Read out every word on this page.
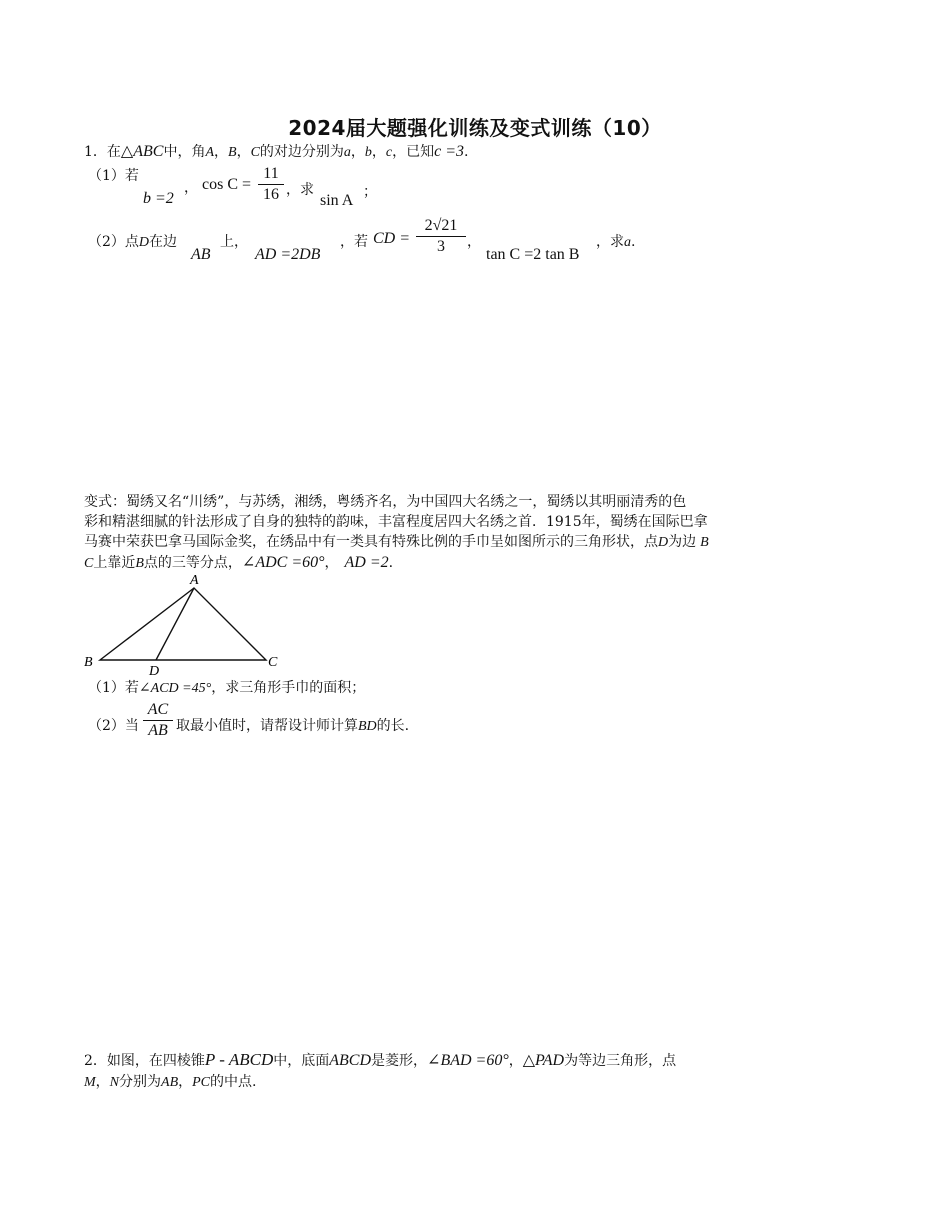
2024届大题强化训练及变式训练（10）
1．在△ABC中，角A，B，C的对边分别为a，b，c，已知c =3.
（1）若
b =2
， $\cos C = \frac{11}{16}$ ，求
sin A ；
（2）点D在边
AB
上，
AD =2DB
，若 CD = $\frac{2√21}{3}$ ，
tan C =2 tan B
，求a.
变式：蜀绣又名“川绣”，与苏绣，湘绣，粤绣齐名，为中国四大名绣之一，蜀绣以其明丽清秀的色
彩和精湛细腻的针法形成了自身的独特的韵味，丰富程度居四大名绣之首．1915年，蜀绣在国际巴拿
马赛中荣获巴拿马国际金奖，在绣品中有一类具有特殊比例的手巾呈如图所示的三角形状，点D为边 B
C上靠近B点的三等分点，∠ADC =60°， AD =2.
A
B	C
D
（1）若∠ACD =45°，求三角形手巾的面积；
（2）当 $\frac{AC}{AB}$ 取最小值时，请帮设计师计算BD的长.
2．如图，在四棱锥P - ABCD中，底面ABCD是菱形，∠BAD =60°，△PAD为等边三角形，点
M，N分别为AB，PC的中点.
